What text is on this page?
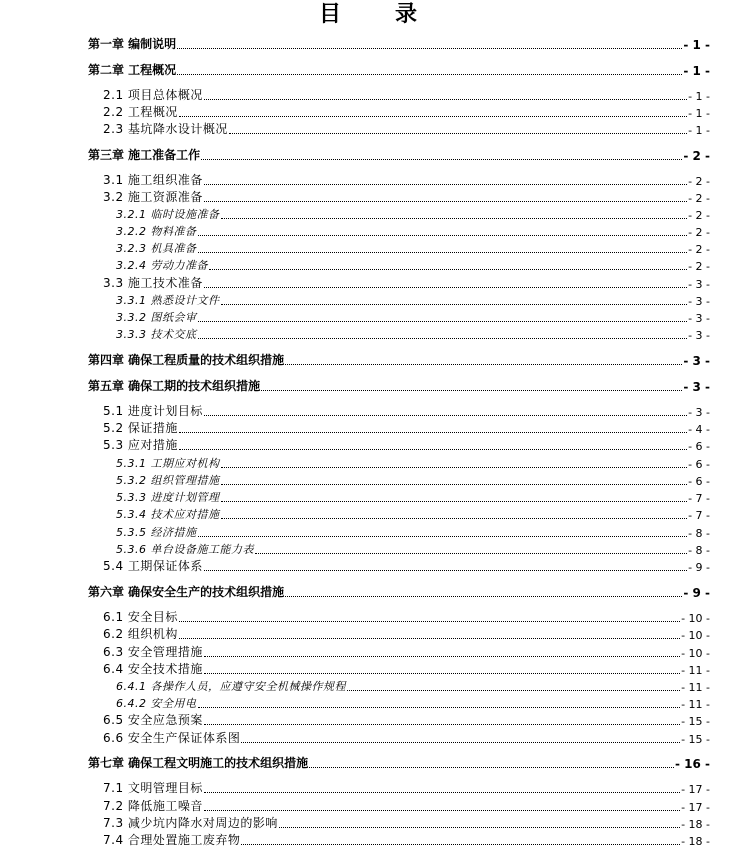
目　录
第一章 编制说明	- 1 -
第二章 工程概况	- 1 -
2.1 项目总体概况	- 1 -
2.2 工程概况	- 1 -
2.3 基坑降水设计概况	- 1 -
第三章 施工准备工作	- 2 -
3.1 施工组织准备	- 2 -
3.2 施工资源准备	- 2 -
3.2.1 临时设施准备	- 2 -
3.2.2 物料准备	- 2 -
3.2.3 机具准备	- 2 -
3.2.4 劳动力准备	- 2 -
3.3 施工技术准备	- 3 -
3.3.1 熟悉设计文件	- 3 -
3.3.2 图纸会审	- 3 -
3.3.3 技术交底	- 3 -
第四章 确保工程质量的技术组织措施	- 3 -
第五章 确保工期的技术组织措施	- 3 -
5.1 进度计划目标	- 3 -
5.2 保证措施	- 4 -
5.3 应对措施	- 6 -
5.3.1 工期应对机构	- 6 -
5.3.2 组织管理措施	- 6 -
5.3.3 进度计划管理	- 7 -
5.3.4 技术应对措施	- 7 -
5.3.5 经济措施	- 8 -
5.3.6 单台设备施工能力表	- 8 -
5.4 工期保证体系	- 9 -
第六章 确保安全生产的技术组织措施	- 9 -
6.1 安全目标	- 10 -
6.2 组织机构	- 10 -
6.3 安全管理措施	- 10 -
6.4 安全技术措施	- 11 -
6.4.1 各操作人员，应遵守安全机械操作规程	- 11 -
6.4.2 安全用电	- 11 -
6.5 安全应急预案	- 15 -
6.6 安全生产保证体系图	- 15 -
第七章 确保工程文明施工的技术组织措施	- 16 -
7.1 文明管理目标	- 17 -
7.2 降低施工噪音	- 17 -
7.3 减少坑内降水对周边的影响	- 18 -
7.4 合理处置施工废弃物	- 18 -
